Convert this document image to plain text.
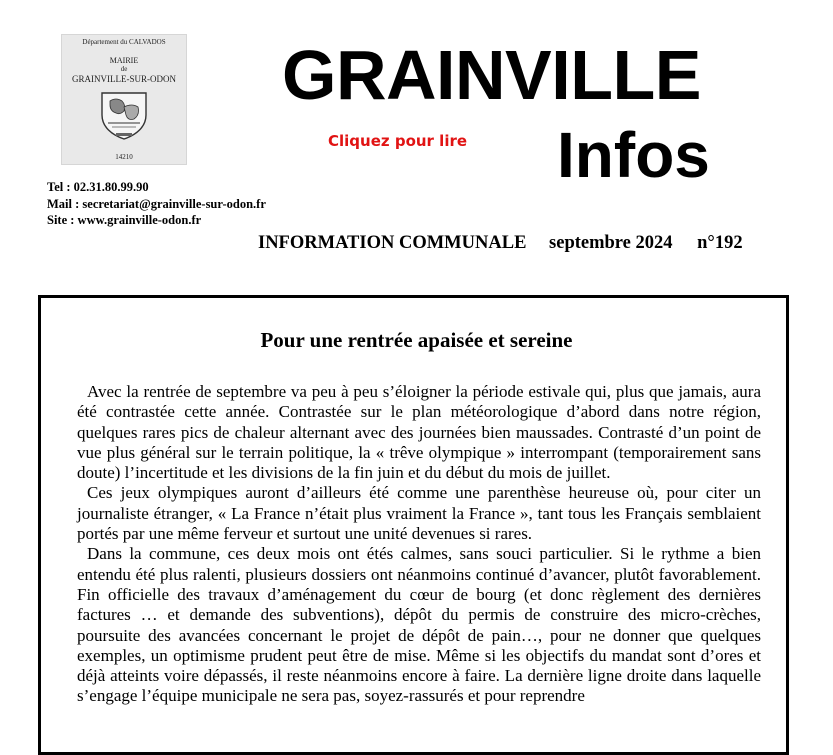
Département du CALVADOS
MAIRIE
de
GRAINVILLE-SUR-ODON
14210
Tel : 02.31.80.99.90
Mail : secretariat@grainville-sur-odon.fr
Site : www.grainville-odon.fr
GRAINVILLE
Cliquez pour lire Infos
INFORMATION COMMUNALE septembre 2024 n°192
Pour une rentrée apaisée et sereine

Avec la rentrée de septembre va peu à peu s’éloigner la période estivale qui, plus que jamais, aura été contrastée cette année. Contrastée sur le plan météorologique d’abord dans notre région, quelques rares pics de chaleur alternant avec des journées bien maussades. Contrasté d’un point de vue plus général sur le terrain politique, la « trêve olympique » interrompant (temporairement sans doute) l’incertitude et les divisions de la fin juin et du début du mois de juillet.

Ces jeux olympiques auront d’ailleurs été comme une parenthèse heureuse où, pour citer un journaliste étranger, « La France n’était plus vraiment la France », tant tous les Français semblaient portés par une même ferveur et surtout une unité devenues si rares.

Dans la commune, ces deux mois ont étés calmes, sans souci particulier. Si le rythme a bien entendu été plus ralenti, plusieurs dossiers ont néanmoins continué d’avancer, plutôt favorablement. Fin officielle des travaux d’aménagement du cœur de bourg (et donc règlement des dernières factures … et demande des subventions), dépôt du permis de construire des micro-crèches, poursuite des avancées concernant le projet de dépôt de pain…, pour ne donner que quelques exemples, un optimisme prudent peut être de mise. Même si les objectifs du mandat sont d’ores et déjà atteints voire dépassés, il reste néanmoins encore à faire. La dernière ligne droite dans laquelle s’engage l’équipe municipale ne sera pas, soyez-rassurés et pour reprendre
